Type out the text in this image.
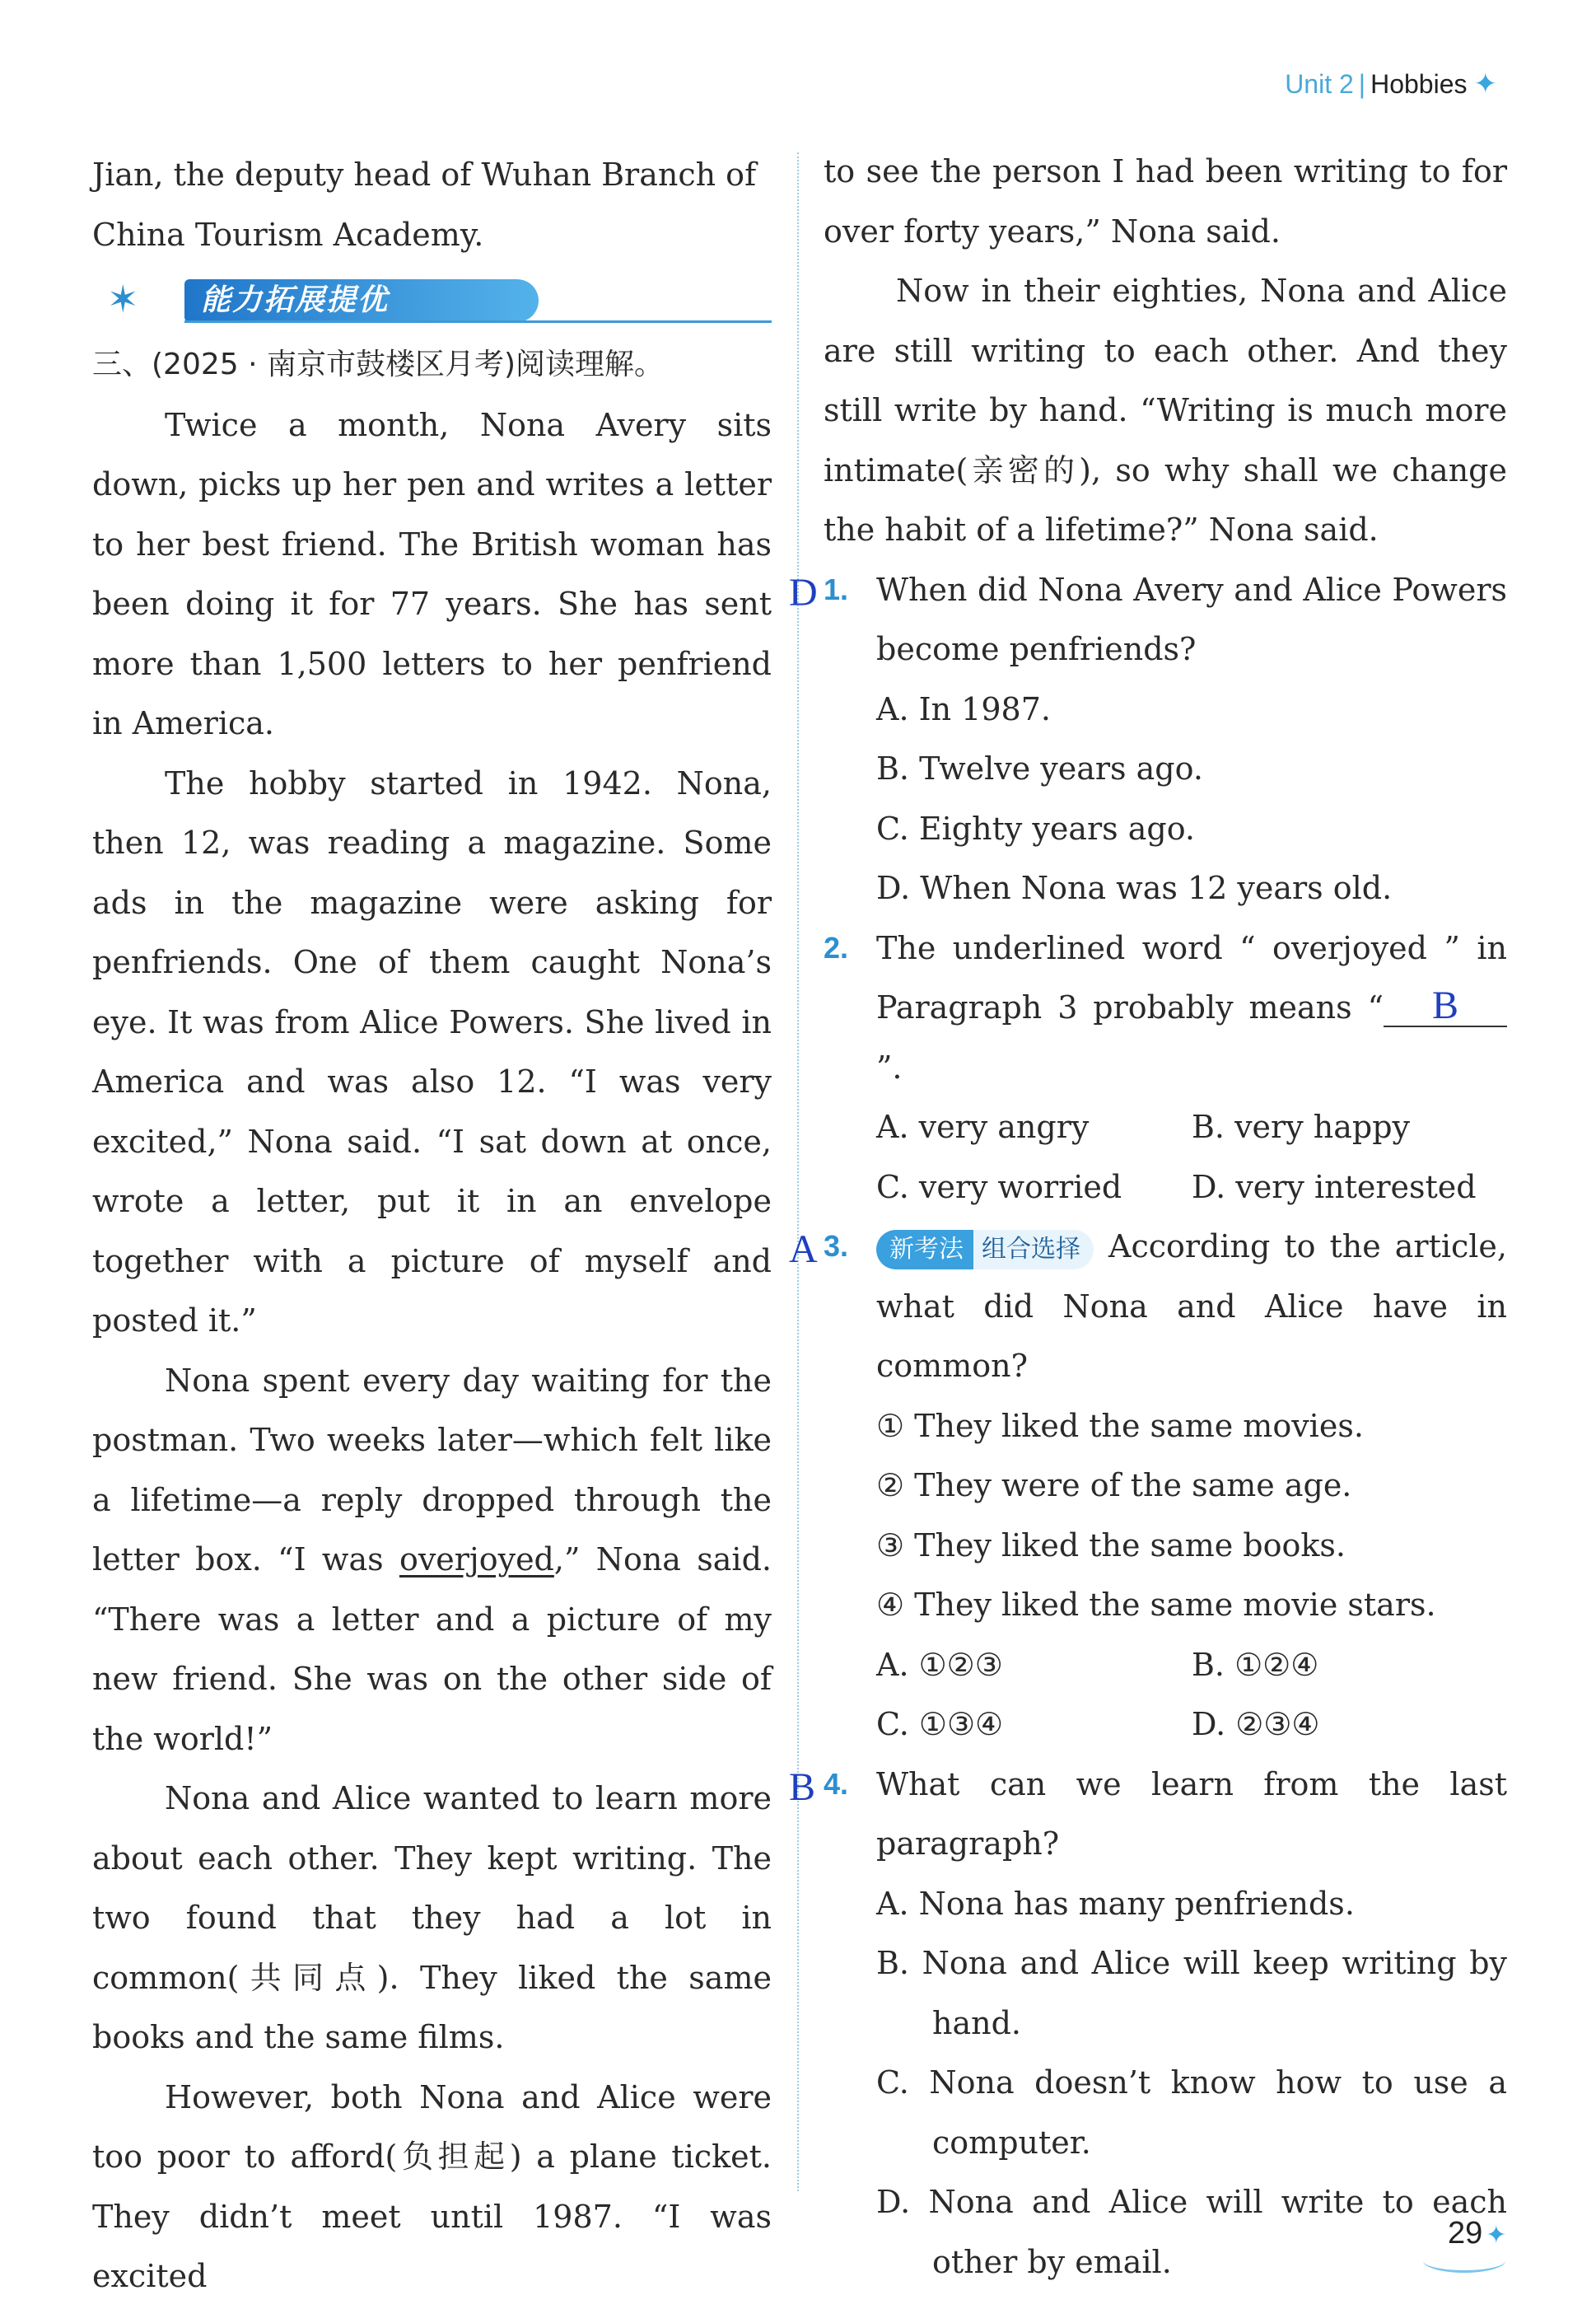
Unit 2 | Hobbies ✦

Jian, the deputy head of Wuhan Branch of

China Tourism Academy.

✶	能力拓展提优

三、(2025 · 南京市鼓楼区月考)阅读理解。

Twice a month, Nona Avery sits down, picks up her pen and writes a letter to her best friend. The British woman has been doing it for 77 years. She has sent more than 1,500 letters to her penfriend in America.

The hobby started in 1942. Nona, then 12, was reading a magazine. Some ads in the magazine were asking for penfriends. One of them caught Nona’s eye. It was from Alice Powers. She lived in America and was also 12. “I was very excited,” Nona said. “I sat down at once, wrote a letter, put it in an envelope together with a picture of myself and posted it.”

Nona spent every day waiting for the postman. Two weeks later—which felt like a lifetime—a reply dropped through the letter box. “I was overjoyed,” Nona said. “There was a letter and a picture of my new friend. She was on the other side of the world!”

Nona and Alice wanted to learn more about each other. They kept writing. The two found that they had a lot in common(共同点). They liked the same books and the same films.

However, both Nona and Alice were too poor to afford(负担起) a plane ticket. They didn’t meet until 1987. “I was excited

to see the person I had been writing to for over forty years,” Nona said.

Now in their eighties, Nona and Alice are still writing to each other. And they still write by hand. “Writing is much more intimate(亲密的), so why shall we change the habit of a lifetime?” Nona said.

D 1. When did Nona Avery and Alice Powers become penfriends?

A. In 1987.

B. Twelve years ago.

C. Eighty years ago.

D. When Nona was 12 years old.

2. The underlined word “ overjoyed ” in Paragraph 3 probably means “ B”.

A. very angry	B. very happy

C. very worried	D. very interested

A 3.	新考法 组合选择 According to the article, what did Nona and Alice have in common?

① They liked the same movies.

② They were of the same age.

③ They liked the same books.

④ They liked the same movie stars.

A. ①②③	B. ①②④

C. ①③④	D. ②③④

B 4. What can we learn from the last paragraph?

A. Nona has many penfriends.

B. Nona and Alice will keep writing by hand.

C. Nona doesn’t know how to use a computer.

D. Nona and Alice will write to each other by email.

29 ✦
